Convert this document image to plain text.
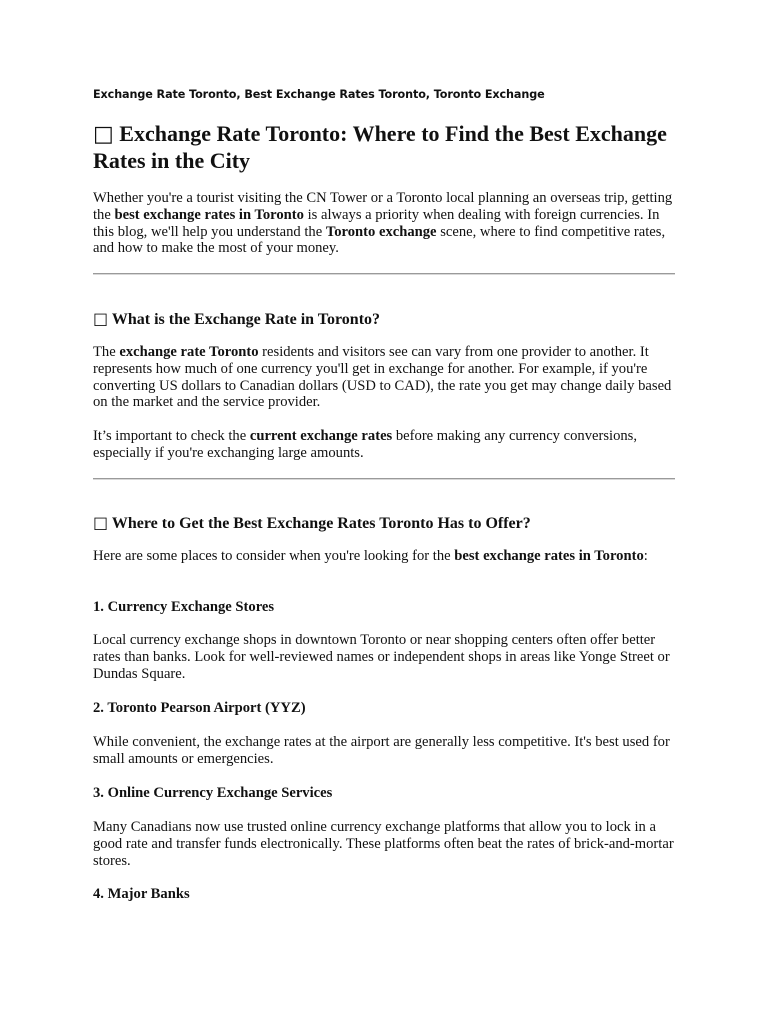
Exchange Rate Toronto, Best Exchange Rates Toronto, Toronto Exchange

□ Exchange Rate Toronto: Where to Find the Best Exchange Rates in the City

Whether you're a tourist visiting the CN Tower or a Toronto local planning an overseas trip, getting the best exchange rates in Toronto is always a priority when dealing with foreign currencies. In this blog, we'll help you understand the Toronto exchange scene, where to find competitive rates, and how to make the most of your money.

□ What is the Exchange Rate in Toronto?

The exchange rate Toronto residents and visitors see can vary from one provider to another. It represents how much of one currency you'll get in exchange for another. For example, if you're converting US dollars to Canadian dollars (USD to CAD), the rate you get may change daily based on the market and the service provider.

It’s important to check the current exchange rates before making any currency conversions, especially if you're exchanging large amounts.

□ Where to Get the Best Exchange Rates Toronto Has to Offer?

Here are some places to consider when you're looking for the best exchange rates in Toronto:

1. Currency Exchange Stores

Local currency exchange shops in downtown Toronto or near shopping centers often offer better rates than banks. Look for well-reviewed names or independent shops in areas like Yonge Street or Dundas Square.

2. Toronto Pearson Airport (YYZ)

While convenient, the exchange rates at the airport are generally less competitive. It's best used for small amounts or emergencies.

3. Online Currency Exchange Services

Many Canadians now use trusted online currency exchange platforms that allow you to lock in a good rate and transfer funds electronically. These platforms often beat the rates of brick-and-mortar stores.

4. Major Banks
